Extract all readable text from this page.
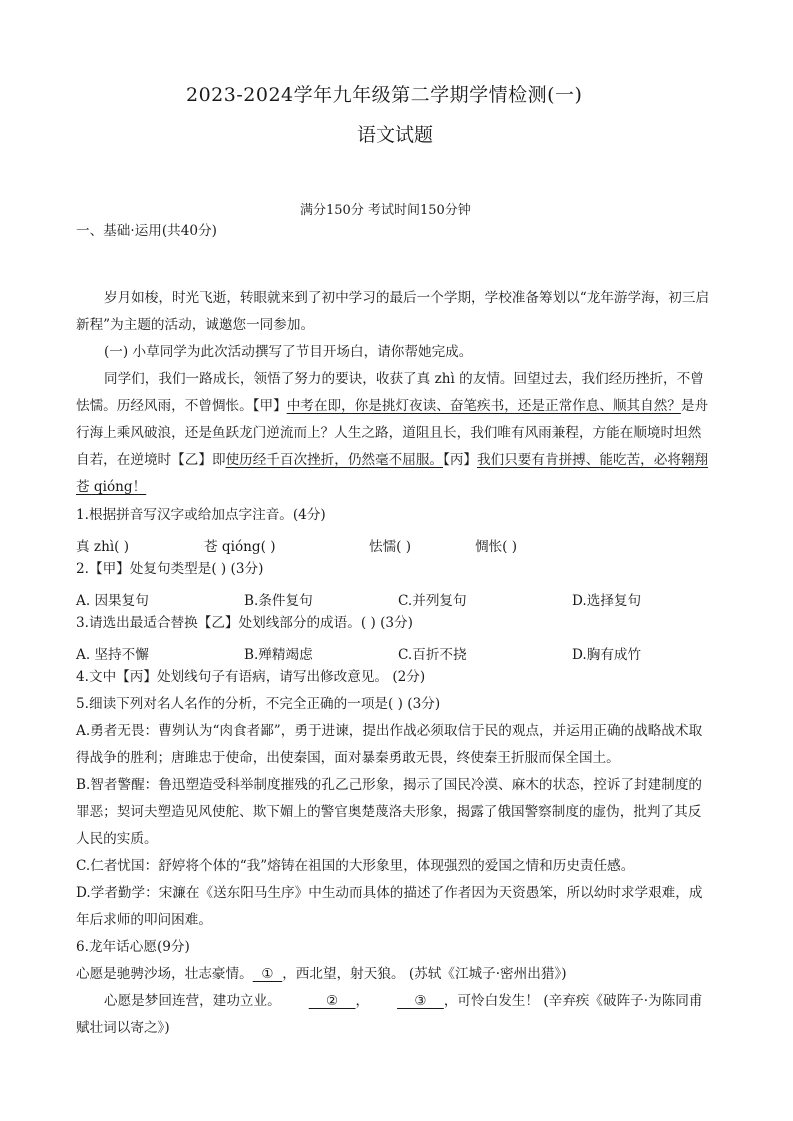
2023-2024学年九年级第二学期学情检测(一)
语文试题
满分150分 考试时间150分钟
一、基础·运用(共40分)
岁月如梭，时光飞逝，转眼就来到了初中学习的最后一个学期，学校准备筹划以“龙年游学海，初三启新程”为主题的活动，诚邀您一同参加。
(一) 小草同学为此次活动撰写了节目开场白，请你帮她完成。
同学们，我们一路成长，领悟了努力的要诀，收获了真 zhì 的友情。回望过去，我们经历挫折，不曾怯懦。历经风雨，不曾惆怅。【甲】中考在即，你是挑灯夜读、奋笔疾书，还是正常作息、顺其自然？是舟行海上乘风破浪，还是鱼跃龙门逆流而上？人生之路，道阻且长，我们唯有风雨兼程，方能在顺境时坦然自若，在逆境时【乙】即使历经千百次挫折，仍然毫不屈服。【丙】我们只要有肯拼搏、能吃苦，必将翱翔苍 qióng！
1.根据拼音写汉字或给加点字注音。(4分)
真 zhì( )	苍 qióng( )	怯懦( )	惆怅( )
2.【甲】处复句类型是( ) (3分)
A. 因果复句	B.条件复句	C.并列复句	D.选择复句
3.请选出最适合替换【乙】处划线部分的成语。( ) (3分)
A. 坚持不懈	B.殚精竭虑	C.百折不挠	D.胸有成竹
4.文中【丙】处划线句子有语病，请写出修改意见。 (2分)
5.细读下列对名人名作的分析，不完全正确的一项是( ) (3分)
A.勇者无畏：曹刿认为“肉食者鄙”，勇于进谏，提出作战必须取信于民的观点，并运用正确的战略战术取得战争的胜利；唐雎忠于使命，出使秦国，面对暴秦勇敢无畏，终使秦王折服而保全国土。
B.智者警醒：鲁迅塑造受科举制度摧残的孔乙己形象，揭示了国民冷漠、麻木的状态，控诉了封建制度的罪恶；契诃夫塑造见风使舵、欺下媚上的警官奥楚蔑洛夫形象，揭露了俄国警察制度的虚伪，批判了其反人民的实质。
C.仁者忧国：舒婷将个体的“我”熔铸在祖国的大形象里，体现强烈的爱国之情和历史责任感。
D.学者勤学：宋濂在《送东阳马生序》中生动而具体的描述了作者因为天资愚笨，所以幼时求学艰难，成年后求师的叩问困难。
6.龙年话心愿(9分)
心愿是驰骋沙场，壮志豪情。  ①  ，西北望，射天狼。 (苏轼《江城子·密州出猎》)
心愿是梦回连营，建功立业。    ②    ，    ③    ，可怜白发生！ (辛弃疾《破阵子·为陈同甫赋壮词以寄之》)
